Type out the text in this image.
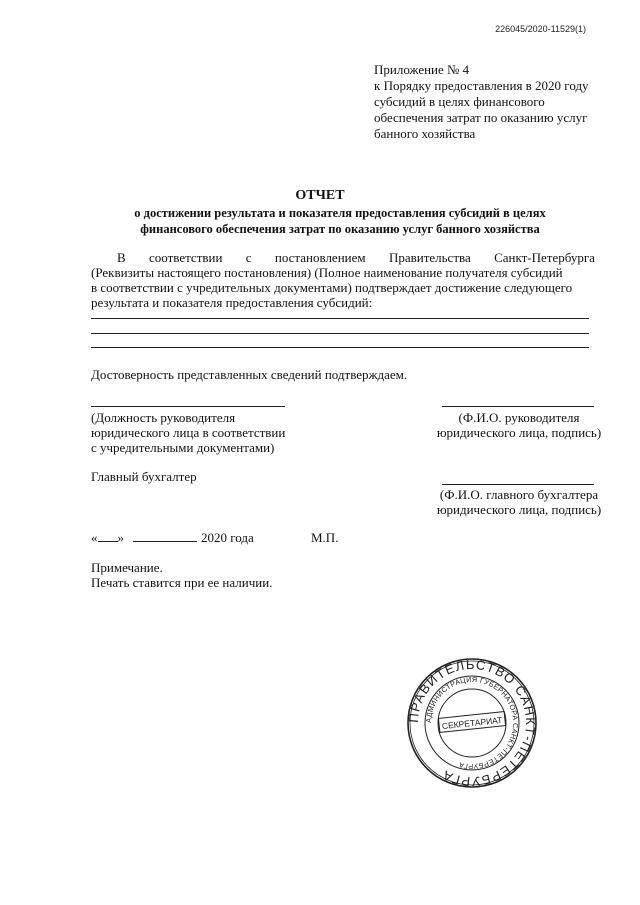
226045/2020-11529(1)
Приложение № 4
к Порядку предоставления в 2020 году
субсидий в целях финансового
обеспечения затрат по оказанию услуг
банного хозяйства
ОТЧЕТ
о достижении результата и показателя предоставления субсидий в целях
финансового обеспечения затрат по оказанию услуг банного хозяйства
В соответствии с постановлением Правительства Санкт-Петербурга
(Реквизиты настоящего постановления) (Полное наименование получателя субсидий
в соответствии с учредительных документами) подтверждает достижение следующего
результата и показателя предоставления субсидий:
Достоверность представленных сведений подтверждаем.
(Должность руководителя
юридического лица в соответствии
с учредительными документами)
(Ф.И.О. руководителя
юридического лица, подпись)
Главный бухгалтер
(Ф.И.О. главного бухгалтера
юридического лица, подпись)
« »	2020 года	М.П.
Примечание.
Печать ставится при ее наличии.
ПРАВИТЕЛЬСТВО САНКТ-ПЕТЕРБУРГА
АДМИНИСТРАЦИЯ ГУБЕРНАТОРА САНКТ-ПЕТЕРБУРГА
СЕКРЕТАРИАТ
